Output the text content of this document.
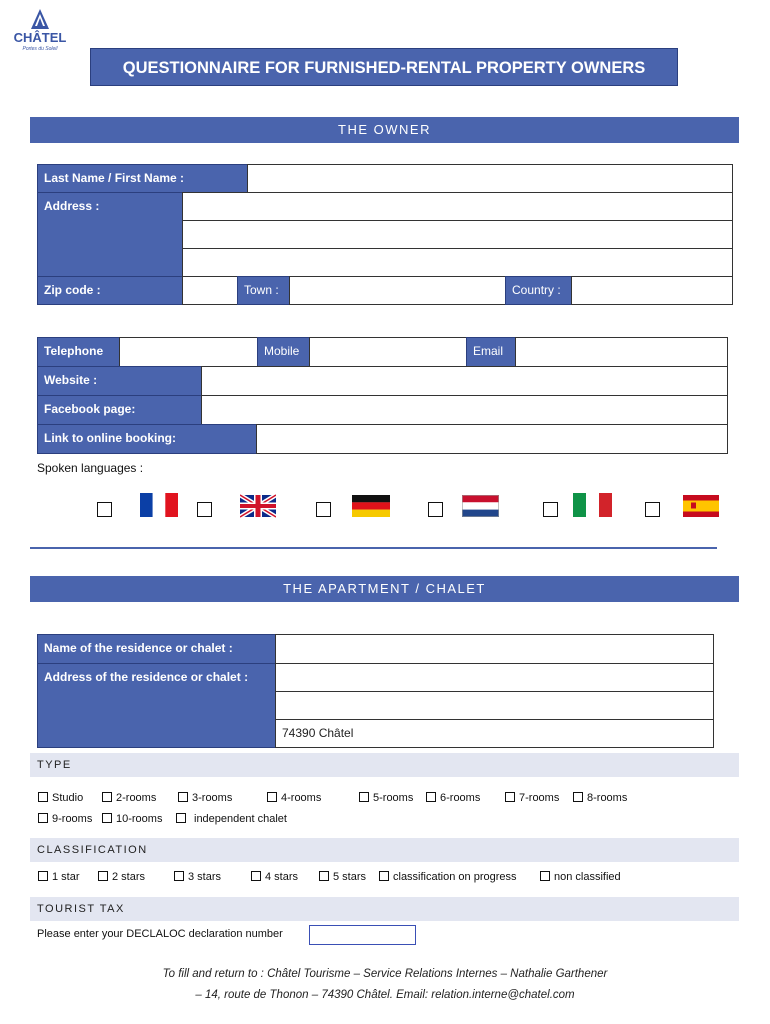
CHÂTEL
Portes du Soleil
QUESTIONNAIRE FOR FURNISHED-RENTAL PROPERTY OWNERS
THE OWNER
Last Name / First Name :
Address :
Zip code :	Town :	Country :
Telephone	Mobile	Email
Website :
Facebook page:
Link to online booking:
Spoken languages :
THE APARTMENT / CHALET
Name of the residence or chalet :
Address of the residence or chalet :
74390 Châtel
TYPE
Studio	2-rooms	3-rooms	4-rooms	5-rooms	6-rooms	7-rooms	8-rooms
9-rooms	10-rooms	independent chalet
CLASSIFICATION
1 star	2 stars	3 stars	4 stars	5 stars	classification on progress	non classified
TOURIST TAX
Please enter your DECLALOC declaration number
To fill and return to : Châtel Tourisme – Service Relations Internes – Nathalie Garthener
– 14, route de Thonon – 74390 Châtel. Email: relation.interne@chatel.com
